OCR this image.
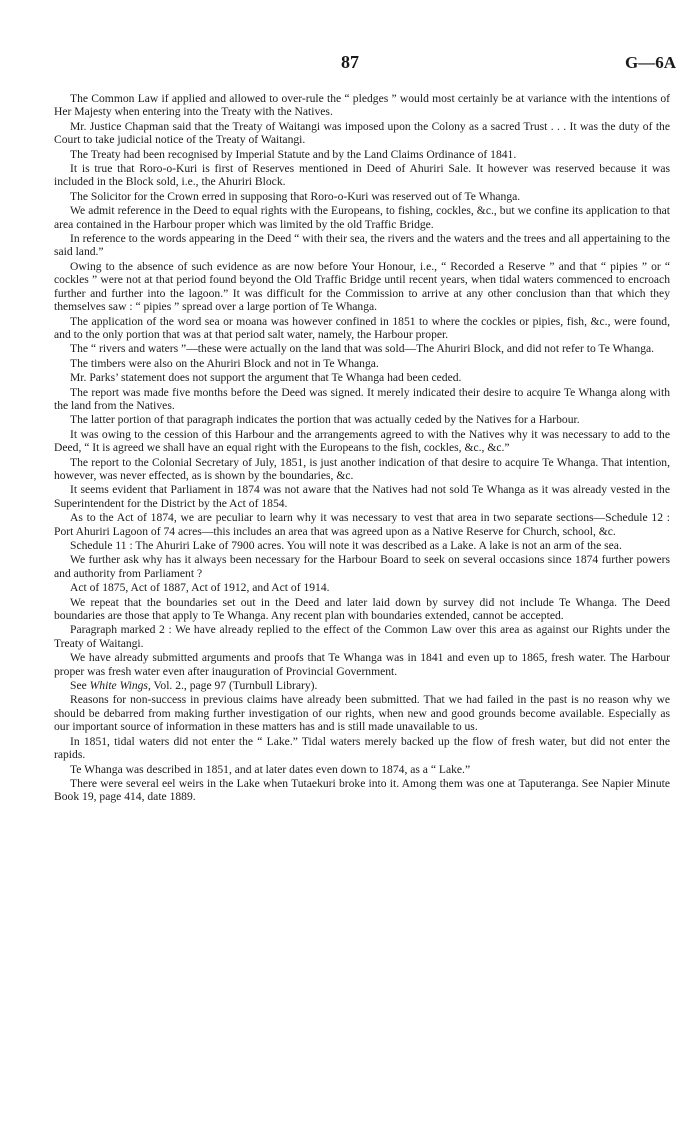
87	G—6A

The Common Law if applied and allowed to over-rule the “ pledges ” would most certainly be at variance with the intentions of Her Majesty when entering into the Treaty with the Natives.

Mr. Justice Chapman said that the Treaty of Waitangi was imposed upon the Colony as a sacred Trust . . . It was the duty of the Court to take judicial notice of the Treaty of Waitangi.

The Treaty had been recognised by Imperial Statute and by the Land Claims Ordinance of 1841.

It is true that Roro-o-Kuri is first of Reserves mentioned in Deed of Ahuriri Sale. It however was reserved because it was included in the Block sold, i.e., the Ahuriri Block.

The Solicitor for the Crown erred in supposing that Roro-o-Kuri was reserved out of Te Whanga.

We admit reference in the Deed to equal rights with the Europeans, to fishing, cockles, &c., but we confine its application to that area contained in the Harbour proper which was limited by the old Traffic Bridge.

In reference to the words appearing in the Deed “ with their sea, the rivers and the waters and the trees and all appertaining to the said land.”

Owing to the absence of such evidence as are now before Your Honour, i.e., “ Recorded a Reserve ” and that “ pipies ” or “ cockles ” were not at that period found beyond the Old Traffic Bridge until recent years, when tidal waters commenced to encroach further and further into the lagoon.” It was difficult for the Commission to arrive at any other conclusion than that which they themselves saw : “ pipies ” spread over a large portion of Te Whanga.

The application of the word sea or moana was however confined in 1851 to where the cockles or pipies, fish, &c., were found, and to the only portion that was at that period salt water, namely, the Harbour proper.

The “ rivers and waters ”—these were actually on the land that was sold—The Ahuriri Block, and did not refer to Te Whanga.

The timbers were also on the Ahuriri Block and not in Te Whanga.

Mr. Parks’ statement does not support the argument that Te Whanga had been ceded.

The report was made five months before the Deed was signed. It merely indicated their desire to acquire Te Whanga along with the land from the Natives.

The latter portion of that paragraph indicates the portion that was actually ceded by the Natives for a Harbour.

It was owing to the cession of this Harbour and the arrangements agreed to with the Natives why it was necessary to add to the Deed, “ It is agreed we shall have an equal right with the Europeans to the fish, cockles, &c., &c.”

The report to the Colonial Secretary of July, 1851, is just another indication of that desire to acquire Te Whanga. That intention, however, was never effected, as is shown by the boundaries, &c.

It seems evident that Parliament in 1874 was not aware that the Natives had not sold Te Whanga as it was already vested in the Superintendent for the District by the Act of 1854.

As to the Act of 1874, we are peculiar to learn why it was necessary to vest that area in two separate sections—Schedule 12 : Port Ahuriri Lagoon of 74 acres—this includes an area that was agreed upon as a Native Reserve for Church, school, &c.

Schedule 11 : The Ahuriri Lake of 7900 acres. You will note it was described as a Lake. A lake is not an arm of the sea.

We further ask why has it always been necessary for the Harbour Board to seek on several occasions since 1874 further powers and authority from Parliament ?

Act of 1875, Act of 1887, Act of 1912, and Act of 1914.

We repeat that the boundaries set out in the Deed and later laid down by survey did not include Te Whanga. The Deed boundaries are those that apply to Te Whanga. Any recent plan with boundaries extended, cannot be accepted.

Paragraph marked 2 : We have already replied to the effect of the Common Law over this area as against our Rights under the Treaty of Waitangi.

We have already submitted arguments and proofs that Te Whanga was in 1841 and even up to 1865, fresh water. The Harbour proper was fresh water even after inauguration of Provincial Government.

See White Wings, Vol. 2., page 97 (Turnbull Library).

Reasons for non-success in previous claims have already been submitted. That we had failed in the past is no reason why we should be debarred from making further investigation of our rights, when new and good grounds become available. Especially as our important source of information in these matters has and is still made unavailable to us.

In 1851, tidal waters did not enter the “ Lake.” Tidal waters merely backed up the flow of fresh water, but did not enter the rapids.

Te Whanga was described in 1851, and at later dates even down to 1874, as a “ Lake.”

There were several eel weirs in the Lake when Tutaekuri broke into it. Among them was one at Taputeranga. See Napier Minute Book 19, page 414, date 1889.
